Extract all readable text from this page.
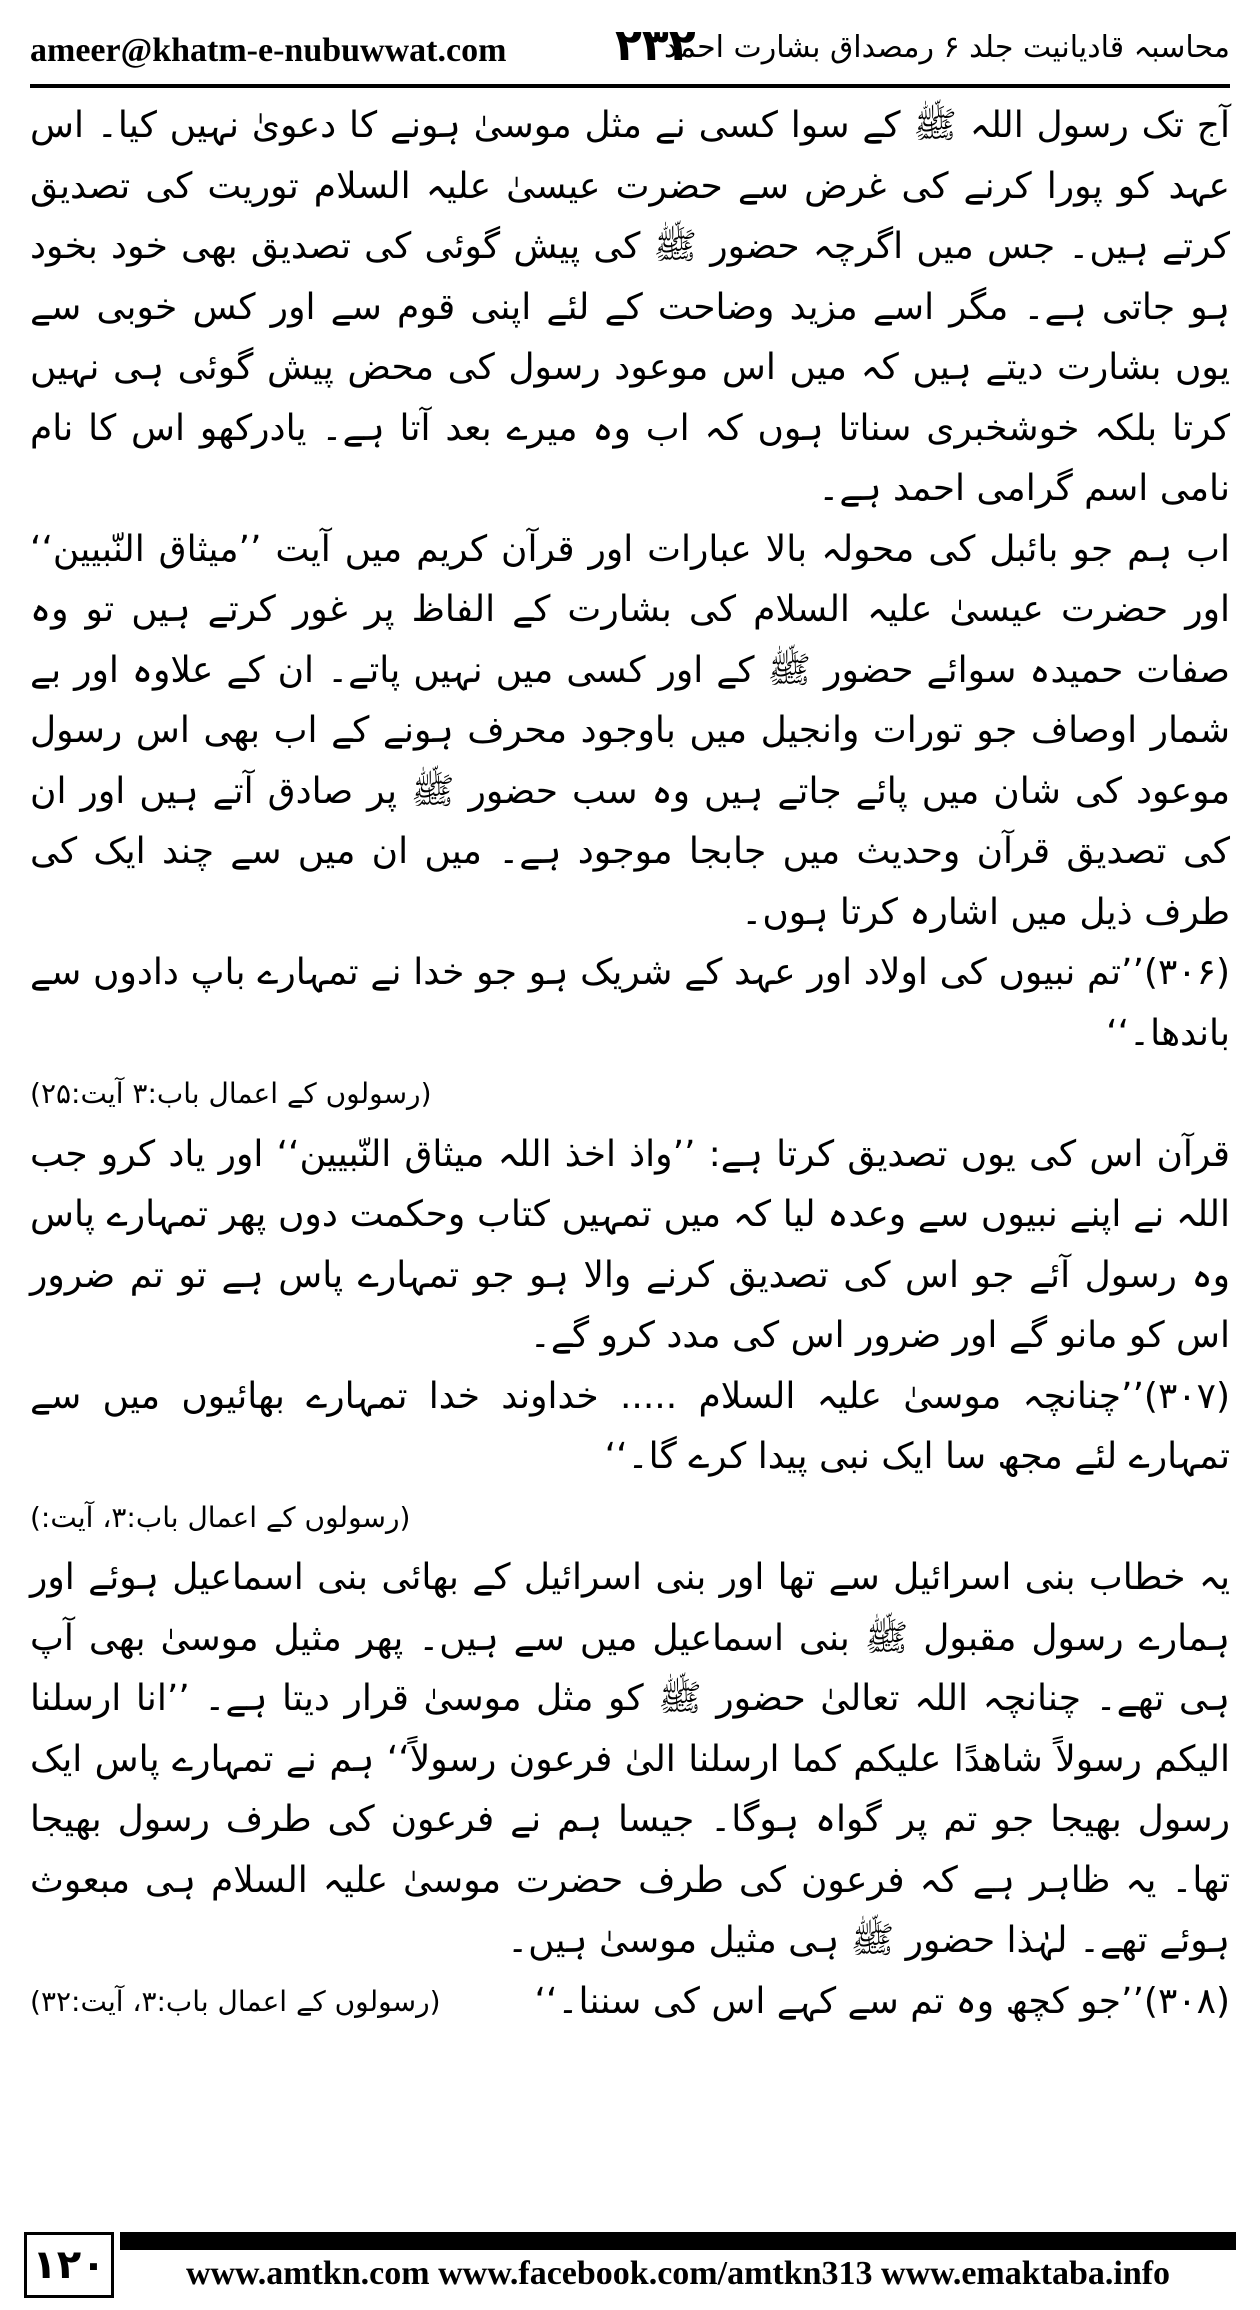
ameer@khatm-e-nubuwwat.com ۲۳۲
محاسبہ قادیانیت جلد ۶ رمصداق بشارت احمد

آج تک رسول اللہ ﷺ کے سوا کسی نے مثل موسیٰ ہونے کا دعویٰ نہیں کیا۔ اس عہد کو پورا کرنے کی غرض سے حضرت عیسیٰ علیہ السلام توریت کی تصدیق کرتے ہیں۔ جس میں اگرچہ حضور ﷺ کی پیش گوئی کی تصدیق بھی خود بخود ہو جاتی ہے۔ مگر اسے مزید وضاحت کے لئے اپنی قوم سے اور کس خوبی سے یوں بشارت دیتے ہیں کہ میں اس موعود رسول کی محض پیش گوئی ہی نہیں کرتا بلکہ خوشخبری سناتا ہوں کہ اب وہ میرے بعد آتا ہے۔ یادرکھو اس کا نام نامی اسم گرامی احمد ہے۔

اب ہم جو بائبل کی محولہ بالا عبارات اور قرآن کریم میں آیت ’’میثاق النّبیین‘‘ اور حضرت عیسیٰ علیہ السلام کی بشارت کے الفاظ پر غور کرتے ہیں تو وہ صفات حمیدہ سوائے حضور ﷺ کے اور کسی میں نہیں پاتے۔ ان کے علاوہ اور بے شمار اوصاف جو تورات وانجیل میں باوجود محرف ہونے کے اب بھی اس رسول موعود کی شان میں پائے جاتے ہیں وہ سب حضور ﷺ پر صادق آتے ہیں اور ان کی تصدیق قرآن وحدیث میں جابجا موجود ہے۔ میں ان میں سے چند ایک کی طرف ذیل میں اشارہ کرتا ہوں۔

(۳۰۶)’’تم نبیوں کی اولاد اور عہد کے شریک ہو جو خدا نے تمہارے باپ دادوں سے باندھا۔‘‘
(رسولوں کے اعمال باب:۳ آیت:۲۵)

قرآن اس کی یوں تصدیق کرتا ہے: ’’واذ اخذ اللہ میثاق النّبیین‘‘ اور یاد کرو جب اللہ نے اپنے نبیوں سے وعدہ لیا کہ میں تمہیں کتاب وحکمت دوں پھر تمہارے پاس وہ رسول آئے جو اس کی تصدیق کرنے والا ہو جو تمہارے پاس ہے تو تم ضرور اس کو مانو گے اور ضرور اس کی مدد کرو گے۔

(۳۰۷)’’چنانچہ موسیٰ علیہ السلام ..... خداوند خدا تمہارے بھائیوں میں سے تمہارے لئے مجھ سا ایک نبی پیدا کرے گا۔‘‘
(رسولوں کے اعمال باب:۳، آیت:)

یہ خطاب بنی اسرائیل سے تھا اور بنی اسرائیل کے بھائی بنی اسماعیل ہوئے اور ہمارے رسول مقبول ﷺ بنی اسماعیل میں سے ہیں۔ پھر مثیل موسیٰ بھی آپ ہی تھے۔ چنانچہ اللہ تعالیٰ حضور ﷺ کو مثل موسیٰ قرار دیتا ہے۔ ’’انا ارسلنا الیکم رسولاً شاھدًا علیکم کما ارسلنا الیٰ فرعون رسولاً‘‘ ہم نے تمہارے پاس ایک رسول بھیجا جو تم پر گواہ ہوگا۔ جیسا ہم نے فرعون کی طرف رسول بھیجا تھا۔ یہ ظاہر ہے کہ فرعون کی طرف حضرت موسیٰ علیہ السلام ہی مبعوث ہوئے تھے۔ لہٰذا حضور ﷺ ہی مثیل موسیٰ ہیں۔

(۳۰۸)’’جو کچھ وہ تم سے کہے اس کی سننا۔‘‘
(رسولوں کے اعمال باب:۳، آیت:۳۲)
۱۲۰	www.amtkn.com www.facebook.com/amtkn313 www.emaktaba.info
